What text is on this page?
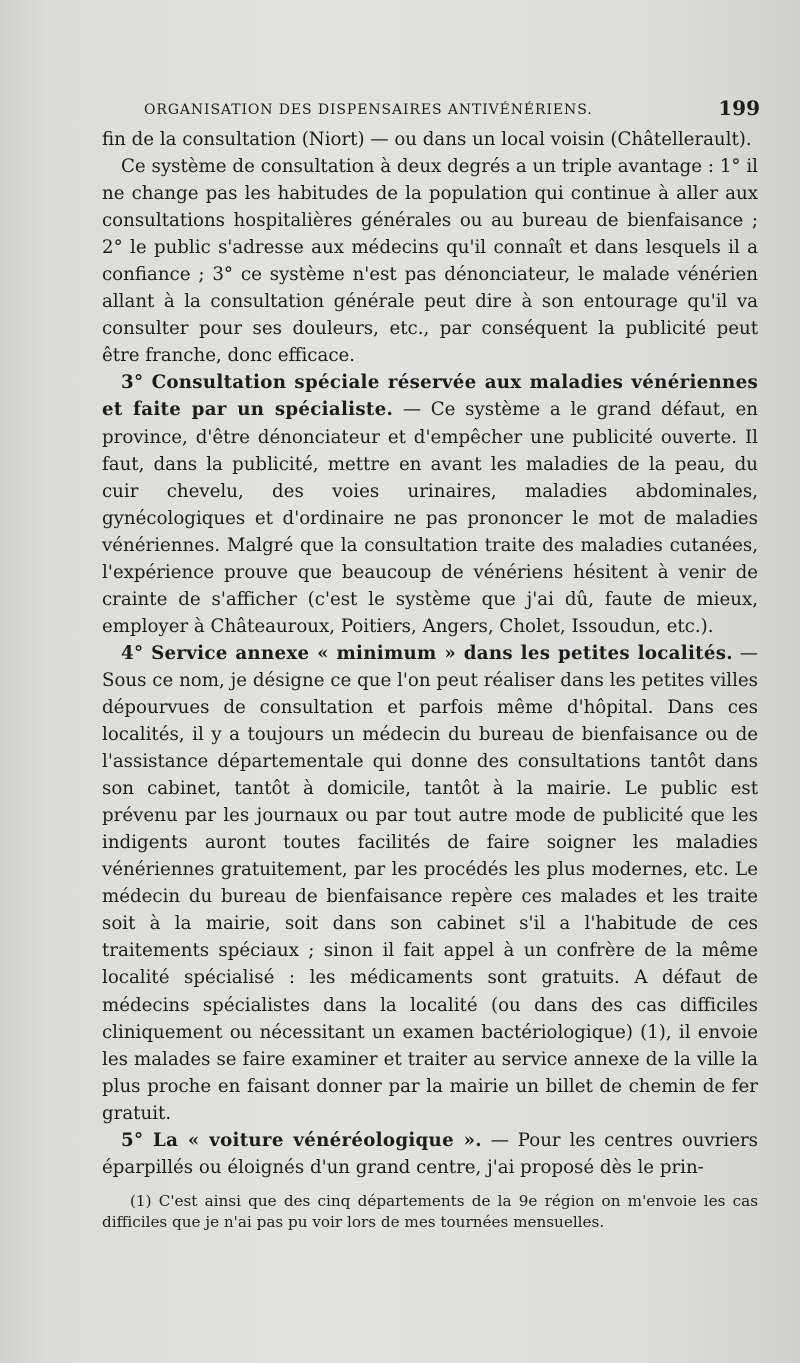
ORGANISATION DES DISPENSAIRES ANTIVÉNÉRIENS.	199

fin de la consultation (Niort) — ou dans un local voisin (Châtellerault).

Ce système de consultation à deux degrés a un triple avantage : 1° il ne change pas les habitudes de la population qui continue à aller aux consultations hospitalières générales ou au bureau de bienfaisance ; 2° le public s'adresse aux médecins qu'il connaît et dans lesquels il a confiance ; 3° ce système n'est pas dénonciateur, le malade vénérien allant à la consultation générale peut dire à son entourage qu'il va consulter pour ses douleurs, etc., par conséquent la publicité peut être franche, donc efficace.

3° Consultation spéciale réservée aux maladies vénériennes et faite par un spécialiste. — Ce système a le grand défaut, en province, d'être dénonciateur et d'empêcher une publicité ouverte. Il faut, dans la publicité, mettre en avant les maladies de la peau, du cuir chevelu, des voies urinaires, maladies abdominales, gynécologiques et d'ordinaire ne pas prononcer le mot de maladies vénériennes. Malgré que la consultation traite des maladies cutanées, l'expérience prouve que beaucoup de vénériens hésitent à venir de crainte de s'afficher (c'est le système que j'ai dû, faute de mieux, employer à Châteauroux, Poitiers, Angers, Cholet, Issoudun, etc.).

4° Service annexe « minimum » dans les petites localités. — Sous ce nom, je désigne ce que l'on peut réaliser dans les petites villes dépourvues de consultation et parfois même d'hôpital. Dans ces localités, il y a toujours un médecin du bureau de bienfaisance ou de l'assistance départementale qui donne des consultations tantôt dans son cabinet, tantôt à domicile, tantôt à la mairie. Le public est prévenu par les journaux ou par tout autre mode de publicité que les indigents auront toutes facilités de faire soigner les maladies vénériennes gratuitement, par les procédés les plus modernes, etc. Le médecin du bureau de bienfaisance repère ces malades et les traite soit à la mairie, soit dans son cabinet s'il a l'habitude de ces traitements spéciaux ; sinon il fait appel à un confrère de la même localité spécialisé : les médicaments sont gratuits. A défaut de médecins spécialistes dans la localité (ou dans des cas difficiles cliniquement ou nécessitant un examen bactériologique) (1), il envoie les malades se faire examiner et traiter au service annexe de la ville la plus proche en faisant donner par la mairie un billet de chemin de fer gratuit.

5° La « voiture vénéréologique ». — Pour les centres ouvriers éparpillés ou éloignés d'un grand centre, j'ai proposé dès le prin-

(1) C'est ainsi que des cinq départements de la 9e région on m'envoie les cas difficiles que je n'ai pas pu voir lors de mes tournées mensuelles.
